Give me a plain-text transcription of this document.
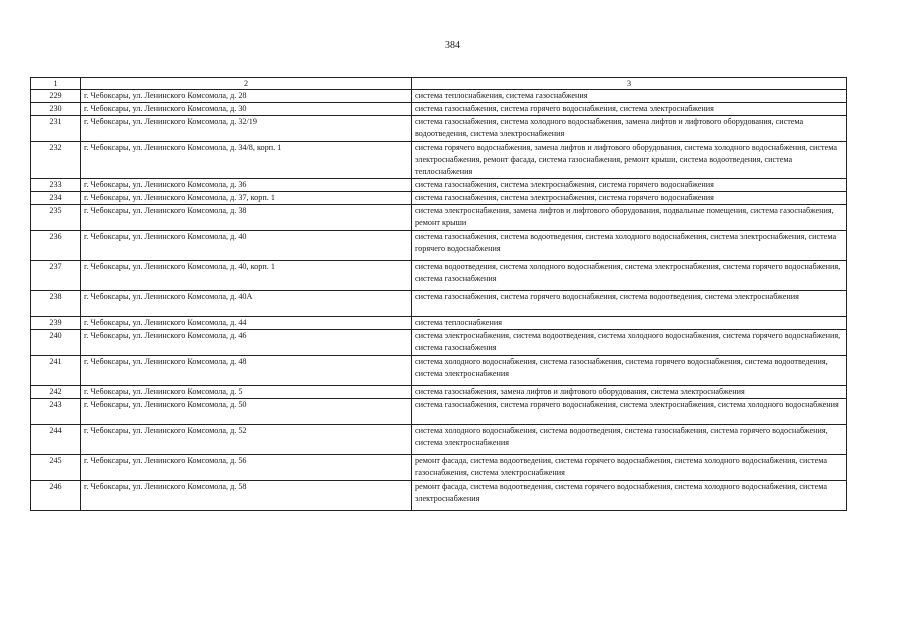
384
1	2	3
229	г. Чебоксары, ул. Ленинского Комсомола, д. 28	система теплоснабжения, система газоснабжения
230	г. Чебоксары, ул. Ленинского Комсомола, д. 30	система газоснабжения, система горячего водоснабжения, система электроснабжения
231	г. Чебоксары, ул. Ленинского Комсомола, д. 32/19	система газоснабжения, система холодного водоснабжения, замена лифтов и лифтового оборудования, система водоотведения, система электроснабжения
232	г. Чебоксары, ул. Ленинского Комсомола, д. 34/8, корп. 1	система горячего водоснабжения, замена лифтов и лифтового оборудования, система холодного водоснабжения, система электроснабжения, ремонт фасада, система газоснабжения, ремонт крыши, система водоотведения, система теплоснабжения
233	г. Чебоксары, ул. Ленинского Комсомола, д. 36	система газоснабжения, система электроснабжения, система горячего водоснабжения
234	г. Чебоксары, ул. Ленинского Комсомола, д. 37, корп. 1	система газоснабжения, система электроснабжения, система горячего водоснабжения
235	г. Чебоксары, ул. Ленинского Комсомола, д. 38	система электроснабжения, замена лифтов и лифтового оборудования, подвальные помещения, система газоснабжения, ремонт крыши
236	г. Чебоксары, ул. Ленинского Комсомола, д. 40	система газоснабжения, система водоотведения, система холодного водоснабжения, система электроснабжения, система горячего водоснабжения
237	г. Чебоксары, ул. Ленинского Комсомола, д. 40, корп. 1	система водоотведения, система холодного водоснабжения, система электроснабжения, система горячего водоснабжения, система газоснабжения
238	г. Чебоксары, ул. Ленинского Комсомола, д. 40А	система газоснабжения, система горячего водоснабжения, система водоотведения, система электроснабжения
239	г. Чебоксары, ул. Ленинского Комсомола, д. 44	система теплоснабжения
240	г. Чебоксары, ул. Ленинского Комсомола, д. 46	система электроснабжения, система водоотведения, система холодного водоснабжения, система горячего водоснабжения, система газоснабжения
241	г. Чебоксары, ул. Ленинского Комсомола, д. 48	система холодного водоснабжения, система газоснабжения, система горячего водоснабжения, система водоотведения, система электроснабжения
242	г. Чебоксары, ул. Ленинского Комсомола, д. 5	система газоснабжения, замена лифтов и лифтового оборудования, система электроснабжения
243	г. Чебоксары, ул. Ленинского Комсомола, д. 50	система газоснабжения, система горячего водоснабжения, система электроснабжения, система холодного водоснабжения
244	г. Чебоксары, ул. Ленинского Комсомола, д. 52	система холодного водоснабжения, система водоотведения, система газоснабжения, система горячего водоснабжения, система электроснабжения
245	г. Чебоксары, ул. Ленинского Комсомола, д. 56	ремонт фасада, система водоотведения, система горячего водоснабжения, система холодного водоснабжения, система газоснабжения, система электроснабжения
246	г. Чебоксары, ул. Ленинского Комсомола, д. 58	ремонт фасада, система водоотведения, система горячего водоснабжения, система холодного водоснабжения, система электроснабжения
